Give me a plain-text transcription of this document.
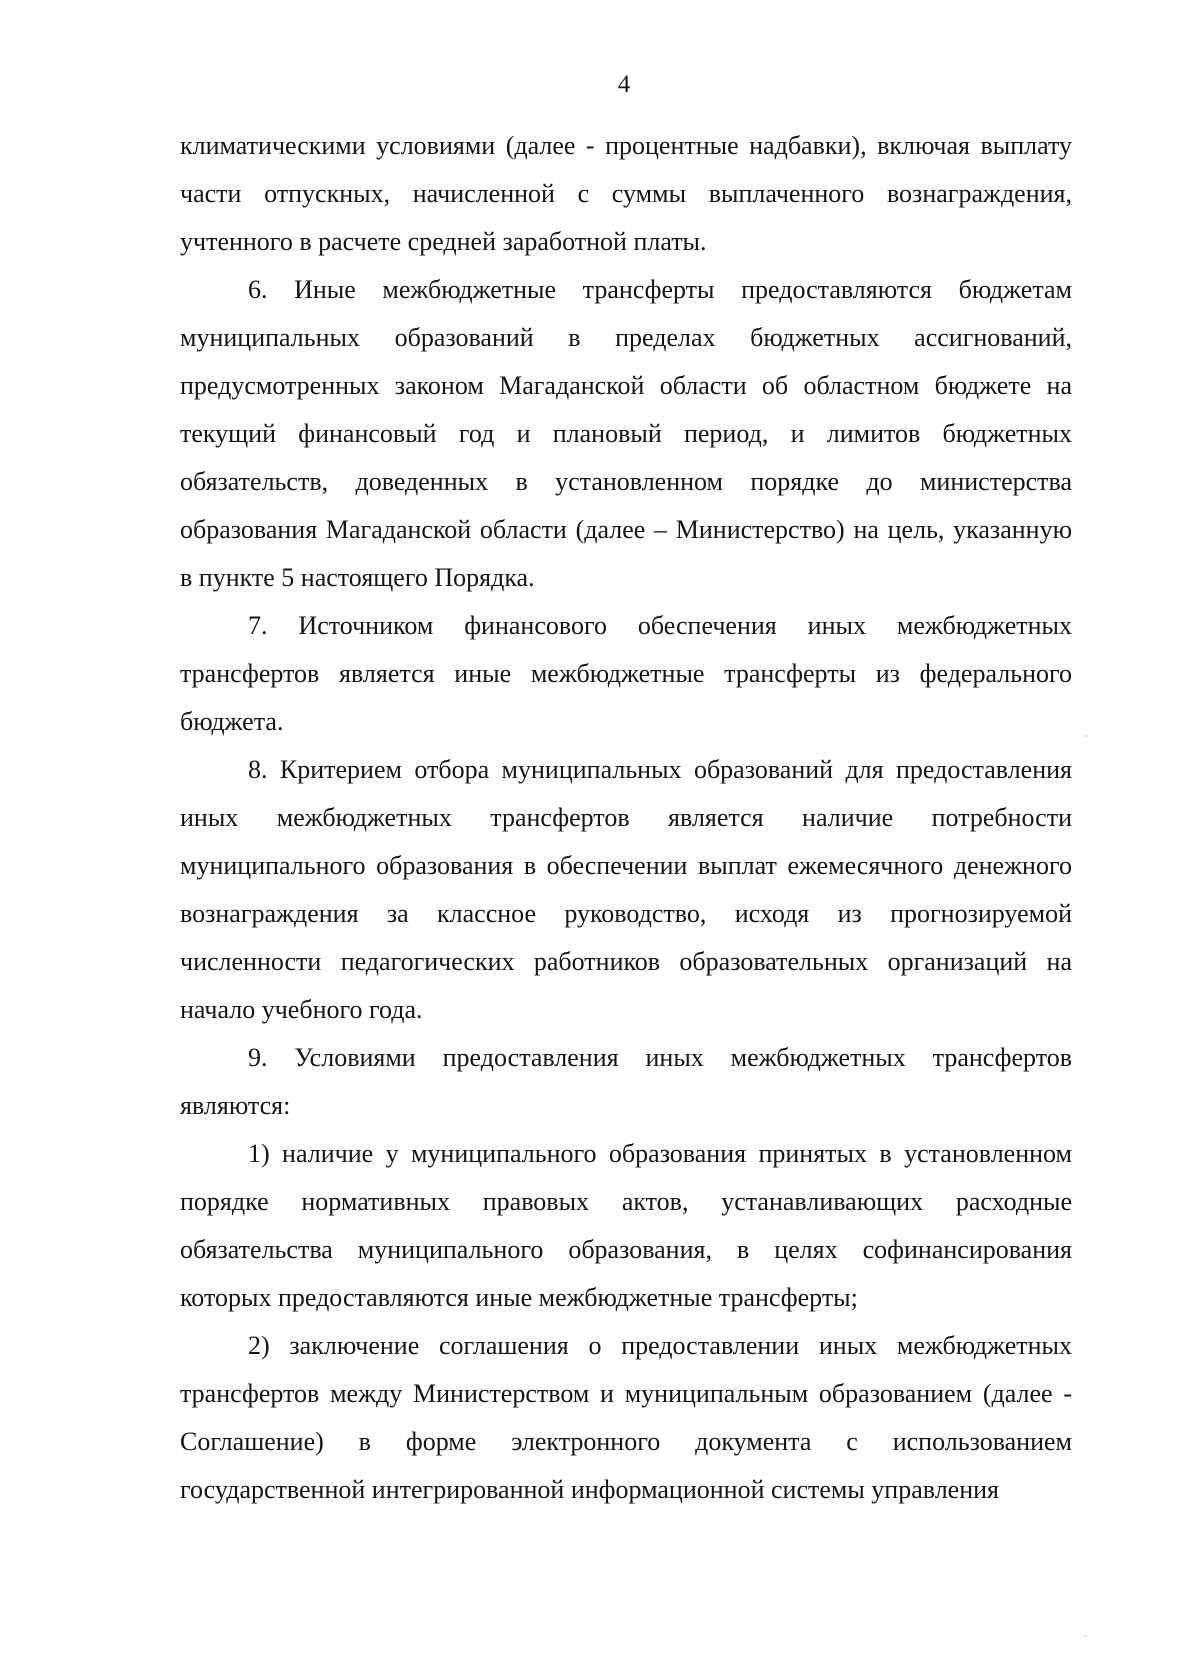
4

климатическими условиями (далее - процентные надбавки), включая выплату части отпускных, начисленной с суммы выплаченного вознаграждения, учтенного в расчете средней заработной платы.

6. Иные межбюджетные трансферты предоставляются бюджетам муниципальных образований в пределах бюджетных ассигнований, предусмотренных законом Магаданской области об областном бюджете на текущий финансовый год и плановый период, и лимитов бюджетных обязательств, доведенных в установленном порядке до министерства образования Магаданской области (далее – Министерство) на цель, указанную в пункте 5 настоящего Порядка.

7. Источником финансового обеспечения иных межбюджетных трансфертов является иные межбюджетные трансферты из федерального бюджета.

8. Критерием отбора муниципальных образований для предоставления иных межбюджетных трансфертов является наличие потребности муниципального образования в обеспечении выплат ежемесячного денежного вознаграждения за классное руководство, исходя из прогнозируемой численности педагогических работников образовательных организаций на начало учебного года.

9. Условиями предоставления иных межбюджетных трансфертов являются:

1) наличие у муниципального образования принятых в установленном порядке нормативных правовых актов, устанавливающих расходные обязательства муниципального образования, в целях софинансирования которых предоставляются иные межбюджетные трансферты;

2) заключение соглашения о предоставлении иных межбюджетных трансфертов между Министерством и муниципальным образованием (далее - Соглашение) в форме электронного документа с использованием государственной интегрированной информационной системы управления
